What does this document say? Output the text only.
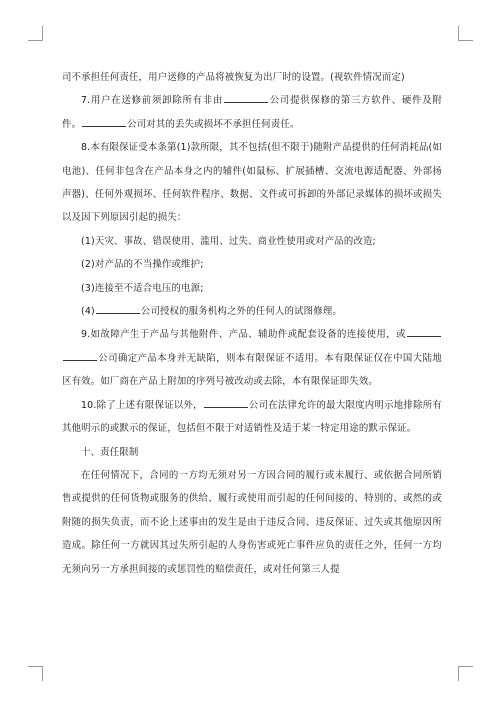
司不承担任何责任，用户送修的产品将被恢复为出厂时的设置。(视软件情况而定)

7.用户在送修前须卸除所有非由	公司提供保修的第三方软件、硬件及附件。	公司对其的丢失或损坏不承担任何责任。

8.本有限保证受本条第(1)款所限，其不包括(但不限于)随附产品提供的任何消耗品(如电池)、任何非包含在产品本身之内的辅件(如鼠标、扩展插槽、交流电源适配器、外部扬声器)、任何外观损坏、任何软件程序、数据、文件或可拆卸的外部记录媒体的损坏或损失以及因下列原因引起的损失：

(1)天灾、事故、错误使用、滥用、过失、商业性使用或对产品的改造;

(2)对产品的不当操作或维护;

(3)连接至不适合电压的电源;

(4)	公司授权的服务机构之外的任何人的试图修理。

9.如故障产生于产品与其他附件、产品、辅助件或配套设备的连接使用，或公司确定产品本身并无缺陷，则本有限保证不适用。本有限保证仅在中国大陆地区有效。如厂商在产品上附加的序列号被改动或去除，本有限保证即失效。

10.除了上述有限保证以外，	公司在法律允许的最大限度内明示地排除所有其他明示的或默示的保证，包括但不限于对适销性及适于某一特定用途的默示保证。

十、责任限制

在任何情况下，合同的一方均无须对另一方因合同的履行或未履行、或依据合同所销售或提供的任何货物或服务的供给、履行或使用而引起的任何间接的、特别的、或然的或附随的损失负责，而不论上述事由的发生是由于违反合同、违反保证、过失或其他原因所造成。除任何一方就因其过失所引起的人身伤害或死亡事件应负的责任之外，任何一方均无须向另一方承担间接的或惩罚性的赔偿责任，或对任何第三人提
